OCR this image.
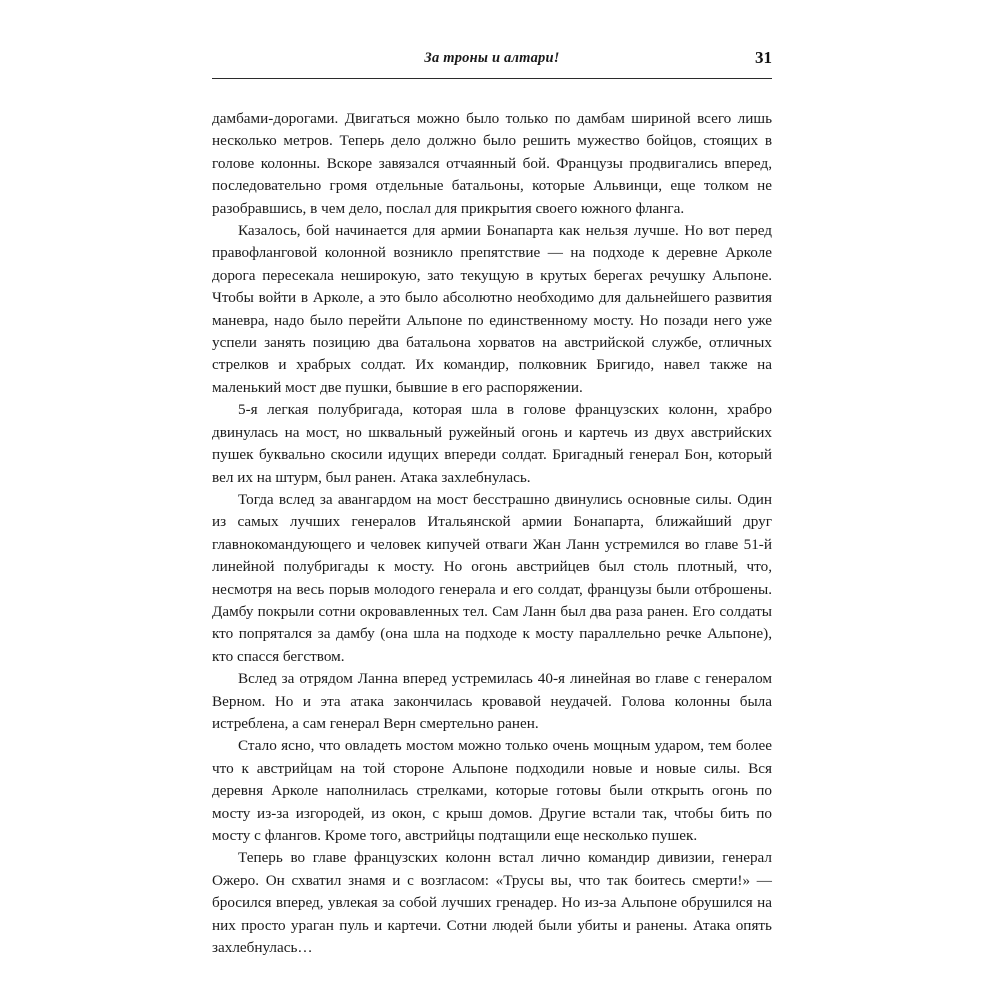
За троны и алтари!	31

дамбами-дорогами. Двигаться можно было только по дамбам шириной всего лишь несколько метров. Теперь дело должно было решить мужество бойцов, стоящих в голове колонны. Вскоре завязался отчаянный бой. Французы продвигались вперед, последовательно громя отдельные батальоны, которые Альвинци, еще толком не разобравшись, в чем дело, послал для прикрытия своего южного фланга.

Казалось, бой начинается для армии Бонапарта как нельзя лучше. Но вот перед правофланговой колонной возникло препятствие — на подходе к деревне Арколе дорога пересекала неширокую, зато текущую в крутых берегах речушку Альпоне. Чтобы войти в Арколе, а это было абсолютно необходимо для дальнейшего развития маневра, надо было перейти Альпоне по единственному мосту. Но позади него уже успели занять позицию два батальона хорватов на австрийской службе, отличных стрелков и храбрых солдат. Их командир, полковник Бригидо, навел также на маленький мост две пушки, бывшие в его распоряжении.

5-я легкая полубригада, которая шла в голове французских колонн, храбро двинулась на мост, но шквальный ружейный огонь и картечь из двух австрийских пушек буквально скосили идущих впереди солдат. Бригадный генерал Бон, который вел их на штурм, был ранен. Атака захлебнулась.

Тогда вслед за авангардом на мост бесстрашно двинулись основные силы. Один из самых лучших генералов Итальянской армии Бонапарта, ближайший друг главнокомандующего и человек кипучей отваги Жан Ланн устремился во главе 51-й линейной полубригады к мосту. Но огонь австрийцев был столь плотный, что, несмотря на весь порыв молодого генерала и его солдат, французы были отброшены. Дамбу покрыли сотни окровавленных тел. Сам Ланн был два раза ранен. Его солдаты кто попрятался за дамбу (она шла на подходе к мосту параллельно речке Альпоне), кто спасся бегством.

Вслед за отрядом Ланна вперед устремилась 40-я линейная во главе с генералом Верном. Но и эта атака закончилась кровавой неудачей. Голова колонны была истреблена, а сам генерал Верн смертельно ранен.

Стало ясно, что овладеть мостом можно только очень мощным ударом, тем более что к австрийцам на той стороне Альпоне подходили новые и новые силы. Вся деревня Арколе наполнилась стрелками, которые готовы были открыть огонь по мосту из-за изгородей, из окон, с крыш домов. Другие встали так, чтобы бить по мосту с флангов. Кроме того, австрийцы подтащили еще несколько пушек.

Теперь во главе французских колонн встал лично командир дивизии, генерал Ожеро. Он схватил знамя и с возгласом: «Трусы вы, что так боитесь смерти!» — бросился вперед, увлекая за собой лучших гренадер. Но из-за Альпоне обрушился на них просто ураган пуль и картечи. Сотни людей были убиты и ранены. Атака опять захлебнулась…
